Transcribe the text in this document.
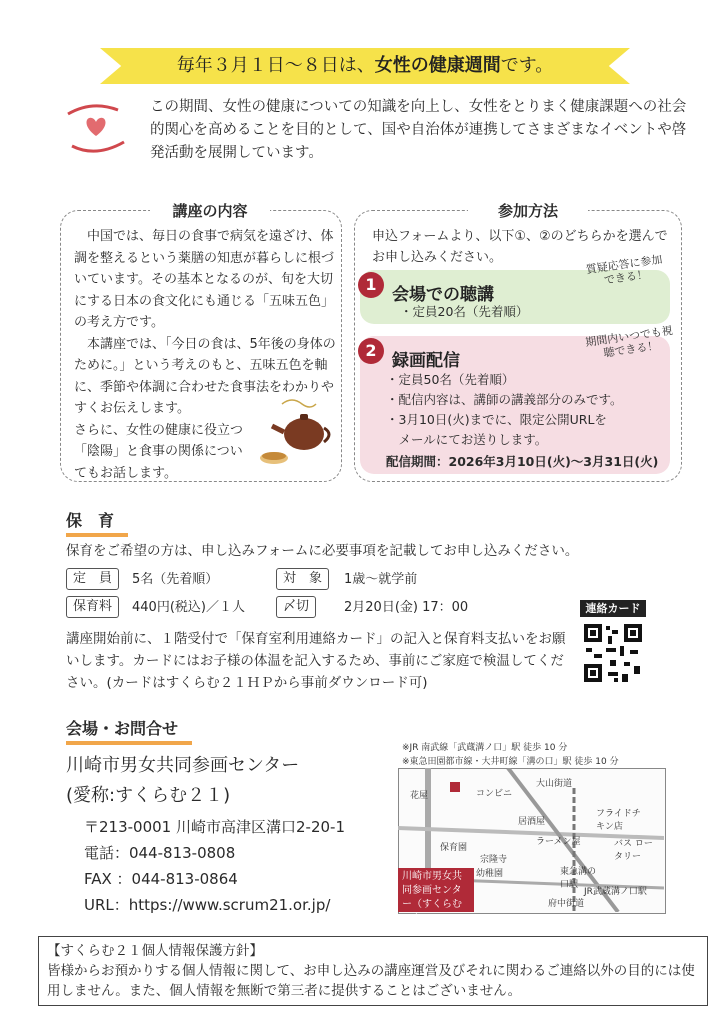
毎年３月１日～８日は、女性の健康週間です。
この期間、女性の健康についての知識を向上し、女性をとりまく健康課題への社会的関心を高めることを目的として、国や自治体が連携してさまざまなイベントや啓発活動を展開しています。
講座の内容
　中国では、毎日の食事で病気を遠ざけ、体調を整えるという薬膳の知恵が暮らしに根づいています。その基本となるのが、旬を大切にする日本の食文化にも通じる「五味五色」の考え方です。
　本講座では、「今日の食は、5年後の身体のために。」という考えのもと、五味五色を軸に、季節や体調に合わせた食事法をわかりやすくお伝えします。
さらに、女性の健康に役立つ「陰陽」と食事の関係についてもお話します。
参加方法
申込フォームより、以下①、②のどちらかを選んでお申し込みください。
1
会場での聴講
・定員20名（先着順）
質疑応答に参加できる！
2
録画配信
期間内いつでも視聴できる！
・定員50名（先着順）
・配信内容は、講師の講義部分のみです。
・3月10日(火)までに、限定公開URLを
　メールにてお送りします。
配信期間：2026年3月10日(火)～3月31日(火)
保　育
保育をご希望の方は、申し込みフォームに必要事項を記載してお申し込みください。
定　員	5名（先着順）	対　象	1歳～就学前
保育料	440円(税込)／１人	〆切	2月20日(金) 17：00
講座開始前に、１階受付で「保育室利用連絡カード」の記入と保育料支払いをお願いします。カードにはお子様の体温を記入するため、事前にご家庭で検温してください。(カードはすくらむ２１ＨＰから事前ダウンロード可)
連絡カード
会場・お問合せ
川崎市男女共同参画センター
(愛称:すくらむ２１)
〒213-0001 川崎市高津区溝口2-20-1
電話：044-813-0808
FAX ：044-813-0864
URL：https://www.scrum21.or.jp/
※JR 南武線「武蔵溝ノ口」駅 徒歩 10 分
※東急田園都市線・大井町線「溝の口」駅 徒歩 10 分
花屋	コンビニ
居酒屋
ラーメン屋
フライドチキン店
バス ロータリー
保育園
宗隆寺
幼稚園	東急溝の口駅
JR武蔵溝ノ口駅
府中街道
大山街道
川崎市男女共同参画センター（すくらむ21）
【すくらむ２１個人情報保護方針】
皆様からお預かりする個人情報に関して、お申し込みの講座運営及びそれに関わるご連絡以外の目的には使用しません。また、個人情報を無断で第三者に提供することはございません。
